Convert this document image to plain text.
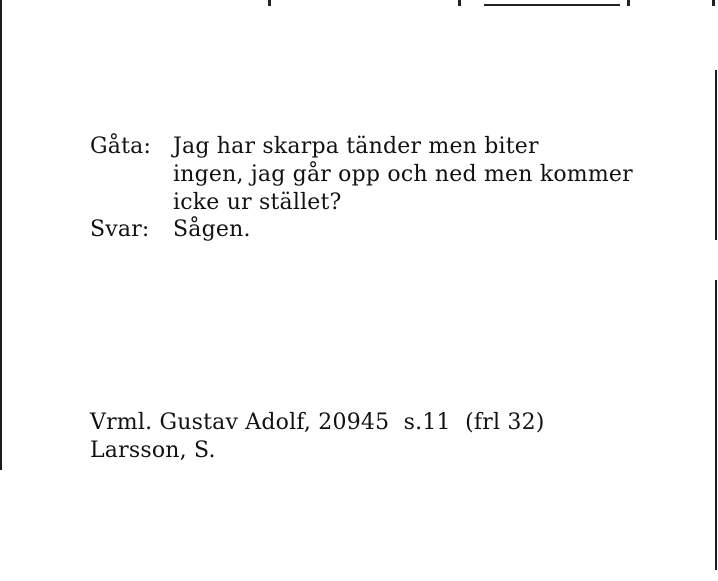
Gåta: Jag har skarpa tänder men biter
ingen, jag går opp och ned men kommer
icke ur stället?
Svar: Sågen.
Vrml. Gustav Adolf, 20945  s.11  (frl 32)
Larsson, S.
